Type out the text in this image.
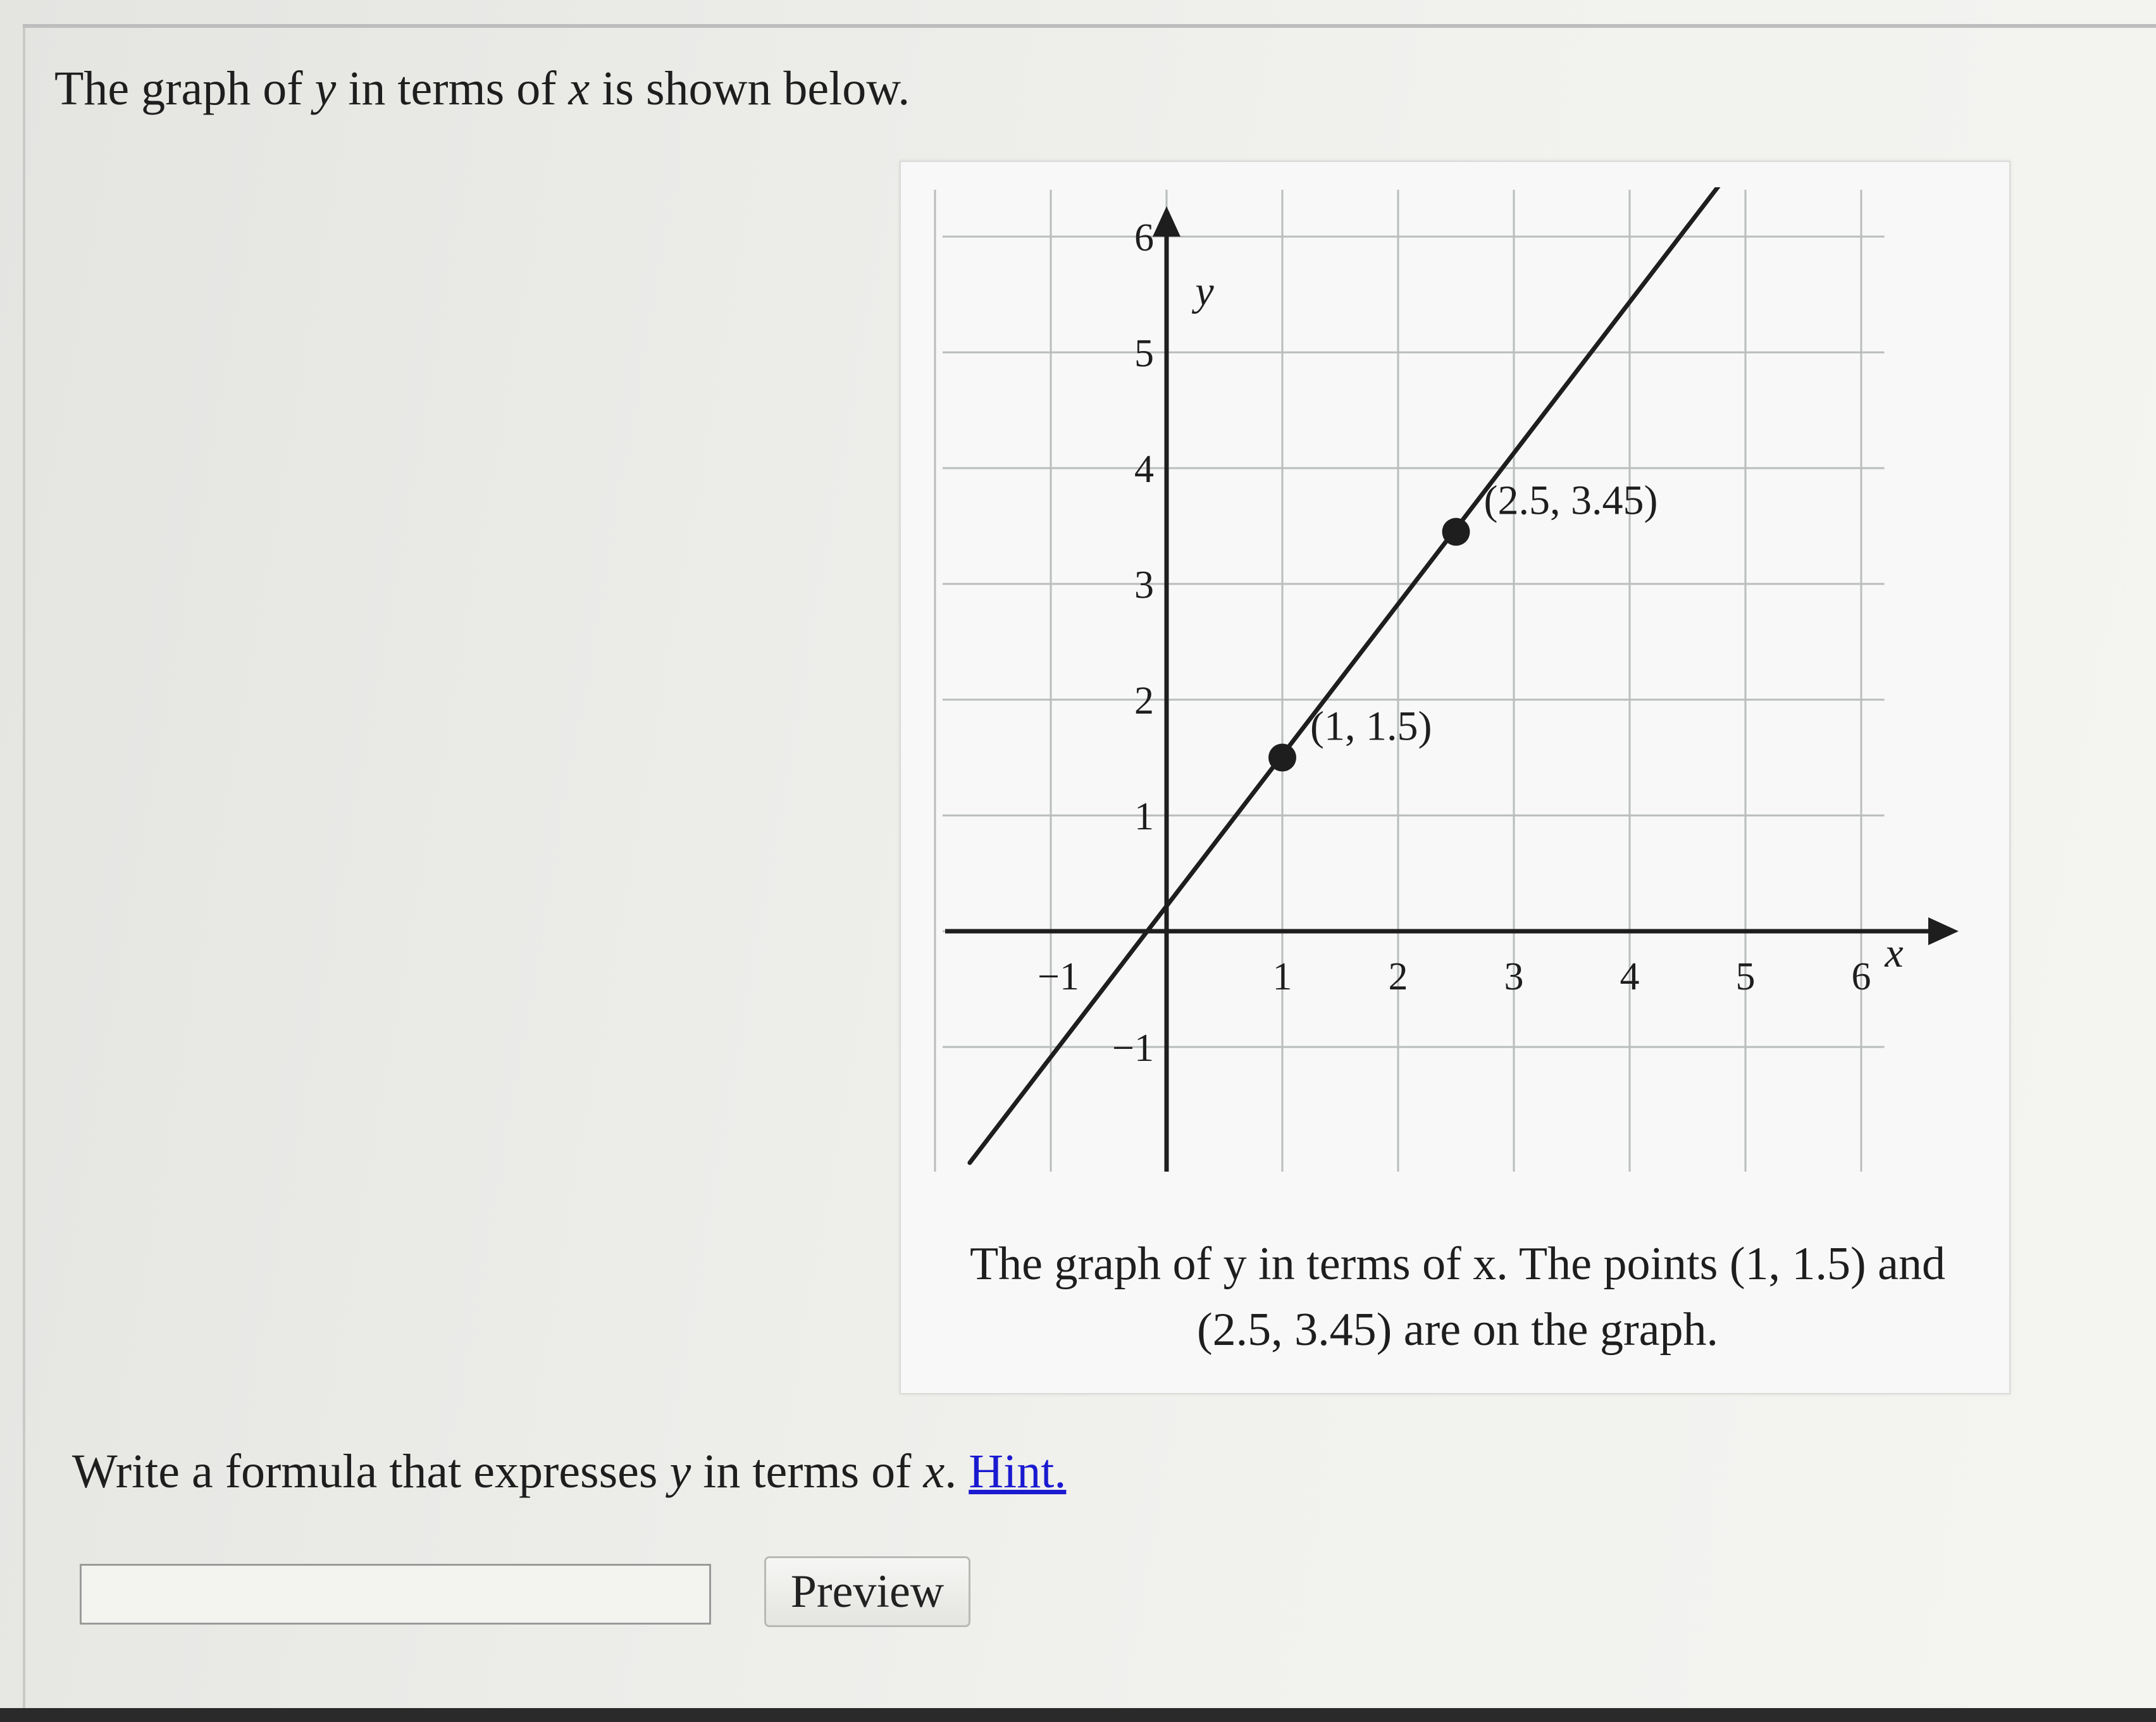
The graph of y in terms of x is shown below.
x
y
−1	1 2 3 4 5 6
−1
1
2
3
4
5
6
(1, 1.5)
(2.5, 3.45)
The graph of y in terms of x. The points (1, 1.5) and
(2.5, 3.45) are on the graph.
Write a formula that expresses y in terms of x. Hint.
Preview
